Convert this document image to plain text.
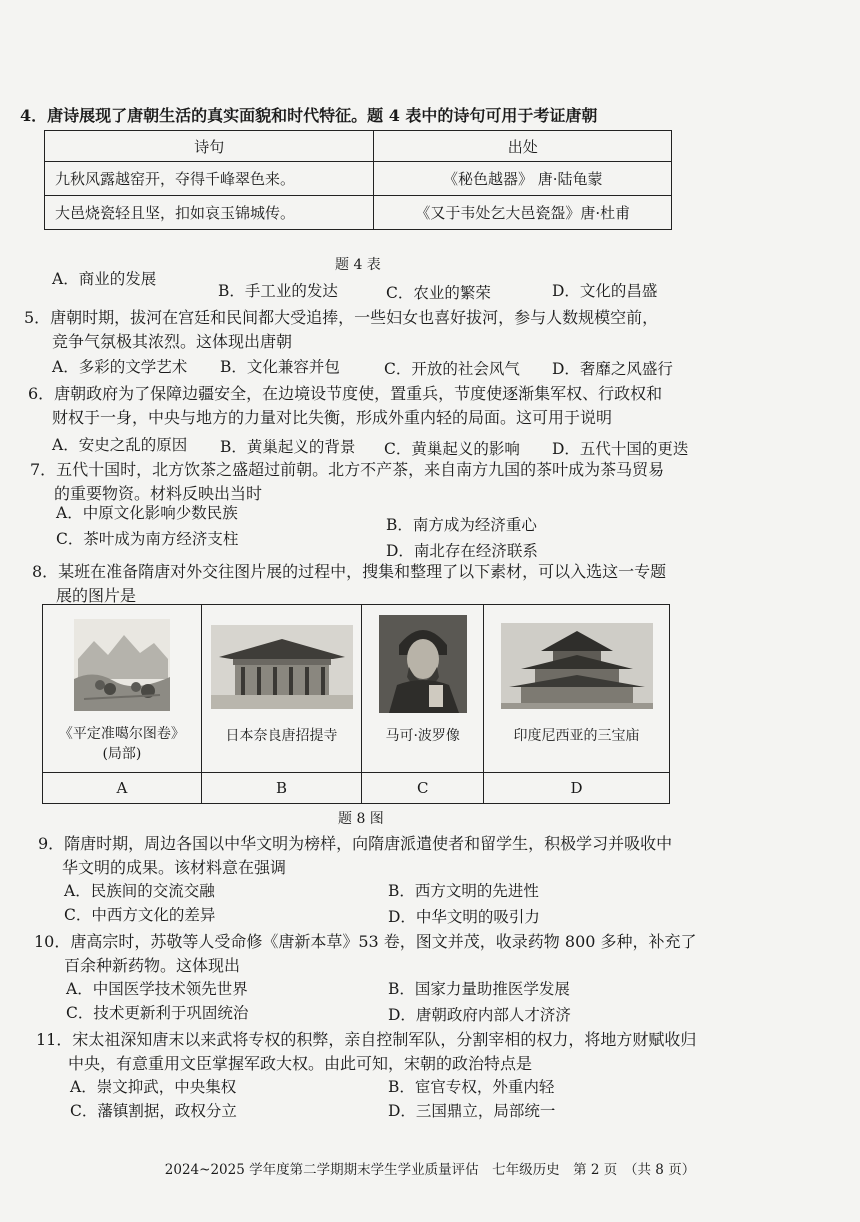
4．唐诗展现了唐朝生活的真实面貌和时代特征。题 4 表中的诗句可用于考证唐朝
诗句	出处
九秋风露越窑开，夺得千峰翠色来。	《秘色越器》 唐·陆龟蒙
大邑烧瓷轻且坚，扣如哀玉锦城传。	《又于韦处乞大邑瓷盌》唐·杜甫
题 4 表
A．商业的发展
B．手工业的发达	C．农业的繁荣	D．文化的昌盛
5．唐朝时期，拔河在宫廷和民间都大受追捧，一些妇女也喜好拔河，参与人数规模空前，
竞争气氛极其浓烈。这体现出唐朝
A．多彩的文学艺术 B．文化兼容并包	C．开放的社会风气 D．奢靡之风盛行
6．唐朝政府为了保障边疆安全，在边境设节度使，置重兵，节度使逐渐集军权、行政权和
财权于一身，中央与地方的力量对比失衡，形成外重内轻的局面。这可用于说明
A．安史之乱的原因 B．黄巢起义的背景 C．黄巢起义的影响 D．五代十国的更迭
7．五代十国时，北方饮茶之盛超过前朝。北方不产茶，来自南方九国的茶叶成为茶马贸易
的重要物资。材料反映出当时
A．中原文化影响少数民族
B．南方成为经济重心
C．茶叶成为南方经济支柱
D．南北存在经济联系
8．某班在准备隋唐对外交往图片展的过程中，搜集和整理了以下素材，可以入选这一专题
展的图片是
《平定准噶尔图卷》
(局部)	日本奈良唐招提寺	马可·波罗像	印度尼西亚的三宝庙

A	B	C	D
题 8 图
9．隋唐时期，周边各国以中华文明为榜样，向隋唐派遣使者和留学生，积极学习并吸收中
华文明的成果。该材料意在强调
A．民族间的交流交融	B．西方文明的先进性
C．中西方文化的差异	D．中华文明的吸引力
10．唐高宗时，苏敬等人受命修《唐新本草》53 卷，图文并茂，收录药物 800 多种，补充了
百余种新药物。这体现出
A．中国医学技术领先世界	B．国家力量助推医学发展
C．技术更新利于巩固统治	D．唐朝政府内部人才济济
11．宋太祖深知唐末以来武将专权的积弊，亲自控制军队，分割宰相的权力，将地方财赋收归
中央，有意重用文臣掌握军政大权。由此可知，宋朝的政治特点是
A．崇文抑武，中央集权	B．宦官专权，外重内轻
C．藩镇割据，政权分立	D．三国鼎立，局部统一
2024~2025 学年度第二学期期末学生学业质量评估　七年级历史　第 2 页　（共 8 页）
